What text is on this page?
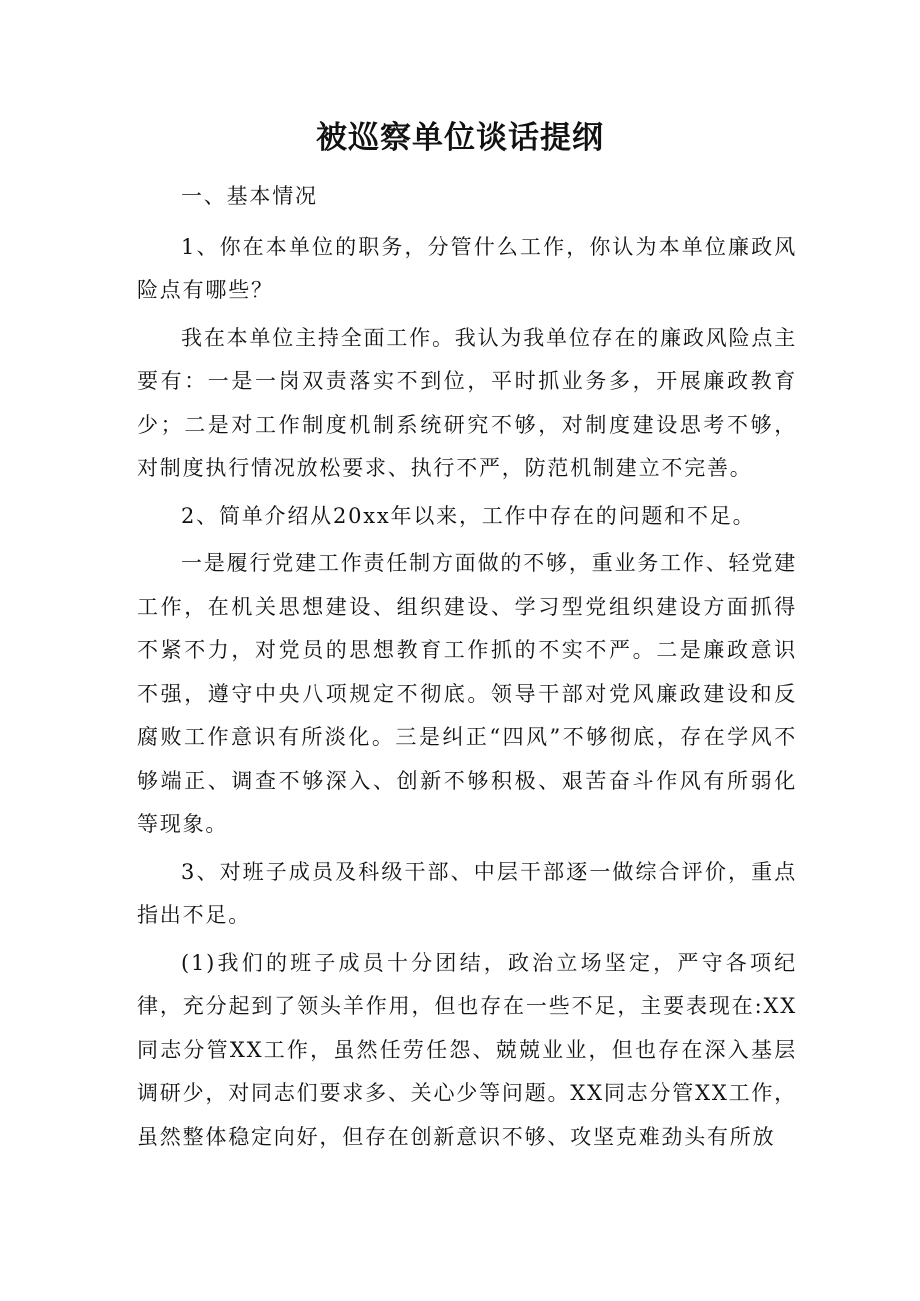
被巡察单位谈话提纲

一、基本情况

1、你在本单位的职务，分管什么工作，你认为本单位廉政风险点有哪些？

我在本单位主持全面工作。我认为我单位存在的廉政风险点主要有：一是一岗双责落实不到位，平时抓业务多，开展廉政教育少；二是对工作制度机制系统研究不够，对制度建设思考不够，对制度执行情况放松要求、执行不严，防范机制建立不完善。

2、简单介绍从20xx年以来，工作中存在的问题和不足。

一是履行党建工作责任制方面做的不够，重业务工作、轻党建工作，在机关思想建设、组织建设、学习型党组织建设方面抓得不紧不力，对党员的思想教育工作抓的不实不严。二是廉政意识不强，遵守中央八项规定不彻底。领导干部对党风廉政建设和反腐败工作意识有所淡化。三是纠正“四风”不够彻底，存在学风不够端正、调查不够深入、创新不够积极、艰苦奋斗作风有所弱化等现象。

3、对班子成员及科级干部、中层干部逐一做综合评价，重点指出不足。

(1)我们的班子成员十分团结，政治立场坚定，严守各项纪律，充分起到了领头羊作用，但也存在一些不足，主要表现在:XX同志分管XX工作，虽然任劳任怨、兢兢业业，但也存在深入基层调研少，对同志们要求多、关心少等问题。XX同志分管XX工作，虽然整体稳定向好，但存在创新意识不够、攻坚克难劲头有所放
